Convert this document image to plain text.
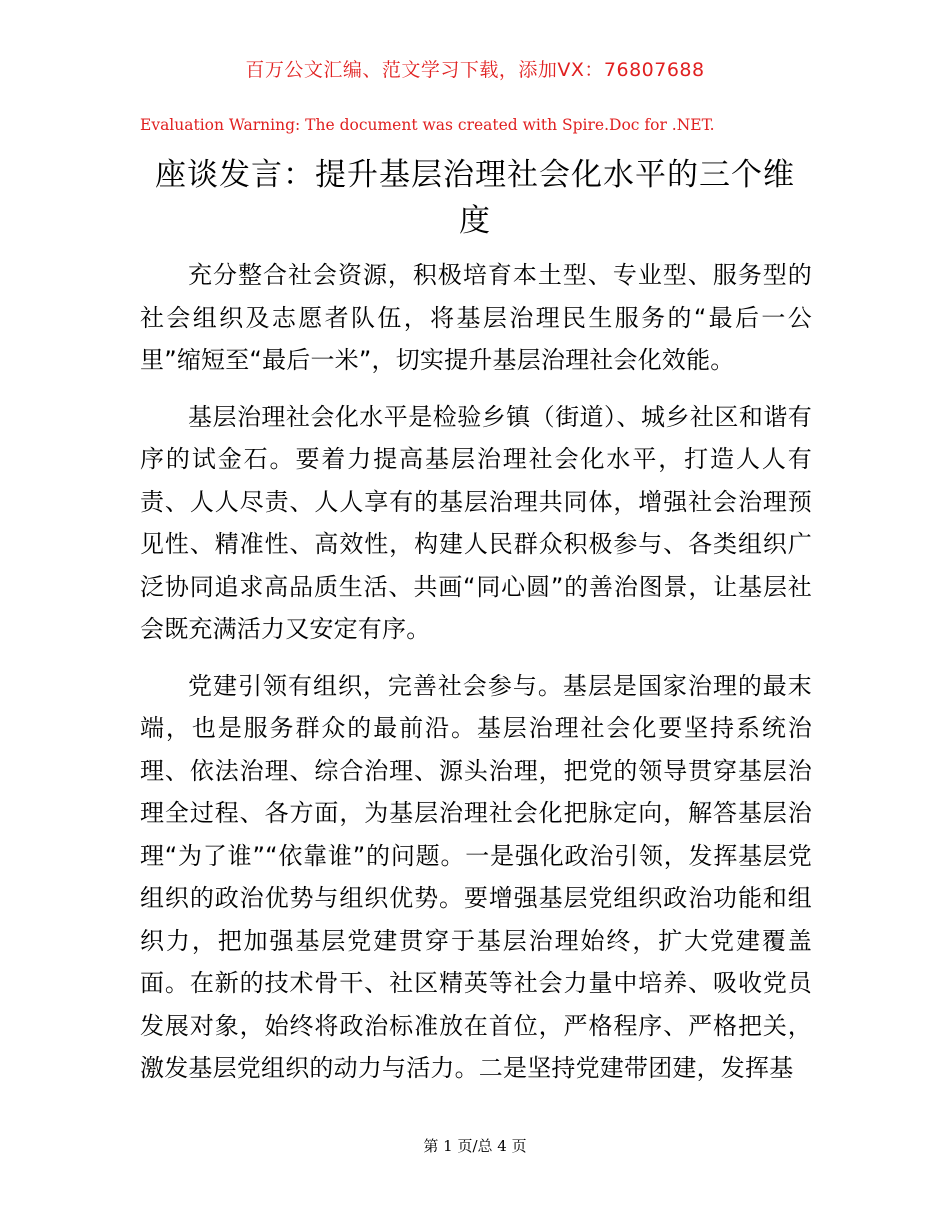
百万公文汇编、范文学习下载，添加VX：76807688
Evaluation Warning: The document was created with Spire.Doc for .NET.
座谈发言：提升基层治理社会化水平的三个维度

充分整合社会资源，积极培育本土型、专业型、服务型的社会组织及志愿者队伍，将基层治理民生服务的“最后一公里”缩短至“最后一米”，切实提升基层治理社会化效能。

基层治理社会化水平是检验乡镇（街道）、城乡社区和谐有序的试金石。要着力提高基层治理社会化水平，打造人人有责、人人尽责、人人享有的基层治理共同体，增强社会治理预见性、精准性、高效性，构建人民群众积极参与、各类组织广泛协同追求高品质生活、共画“同心圆”的善治图景，让基层社会既充满活力又安定有序。

党建引领有组织，完善社会参与。基层是国家治理的最末端，也是服务群众的最前沿。基层治理社会化要坚持系统治理、依法治理、综合治理、源头治理，把党的领导贯穿基层治理全过程、各方面，为基层治理社会化把脉定向，解答基层治理“为了谁”“依靠谁”的问题。一是强化政治引领，发挥基层党组织的政治优势与组织优势。要增强基层党组织政治功能和组织力，把加强基层党建贯穿于基层治理始终，扩大党建覆盖面。在新的技术骨干、社区精英等社会力量中培养、吸收党员发展对象，始终将政治标准放在首位，严格程序、严格把关，激发基层党组织的动力与活力。二是坚持党建带团建，发挥基

第 1 页/总 4 页
